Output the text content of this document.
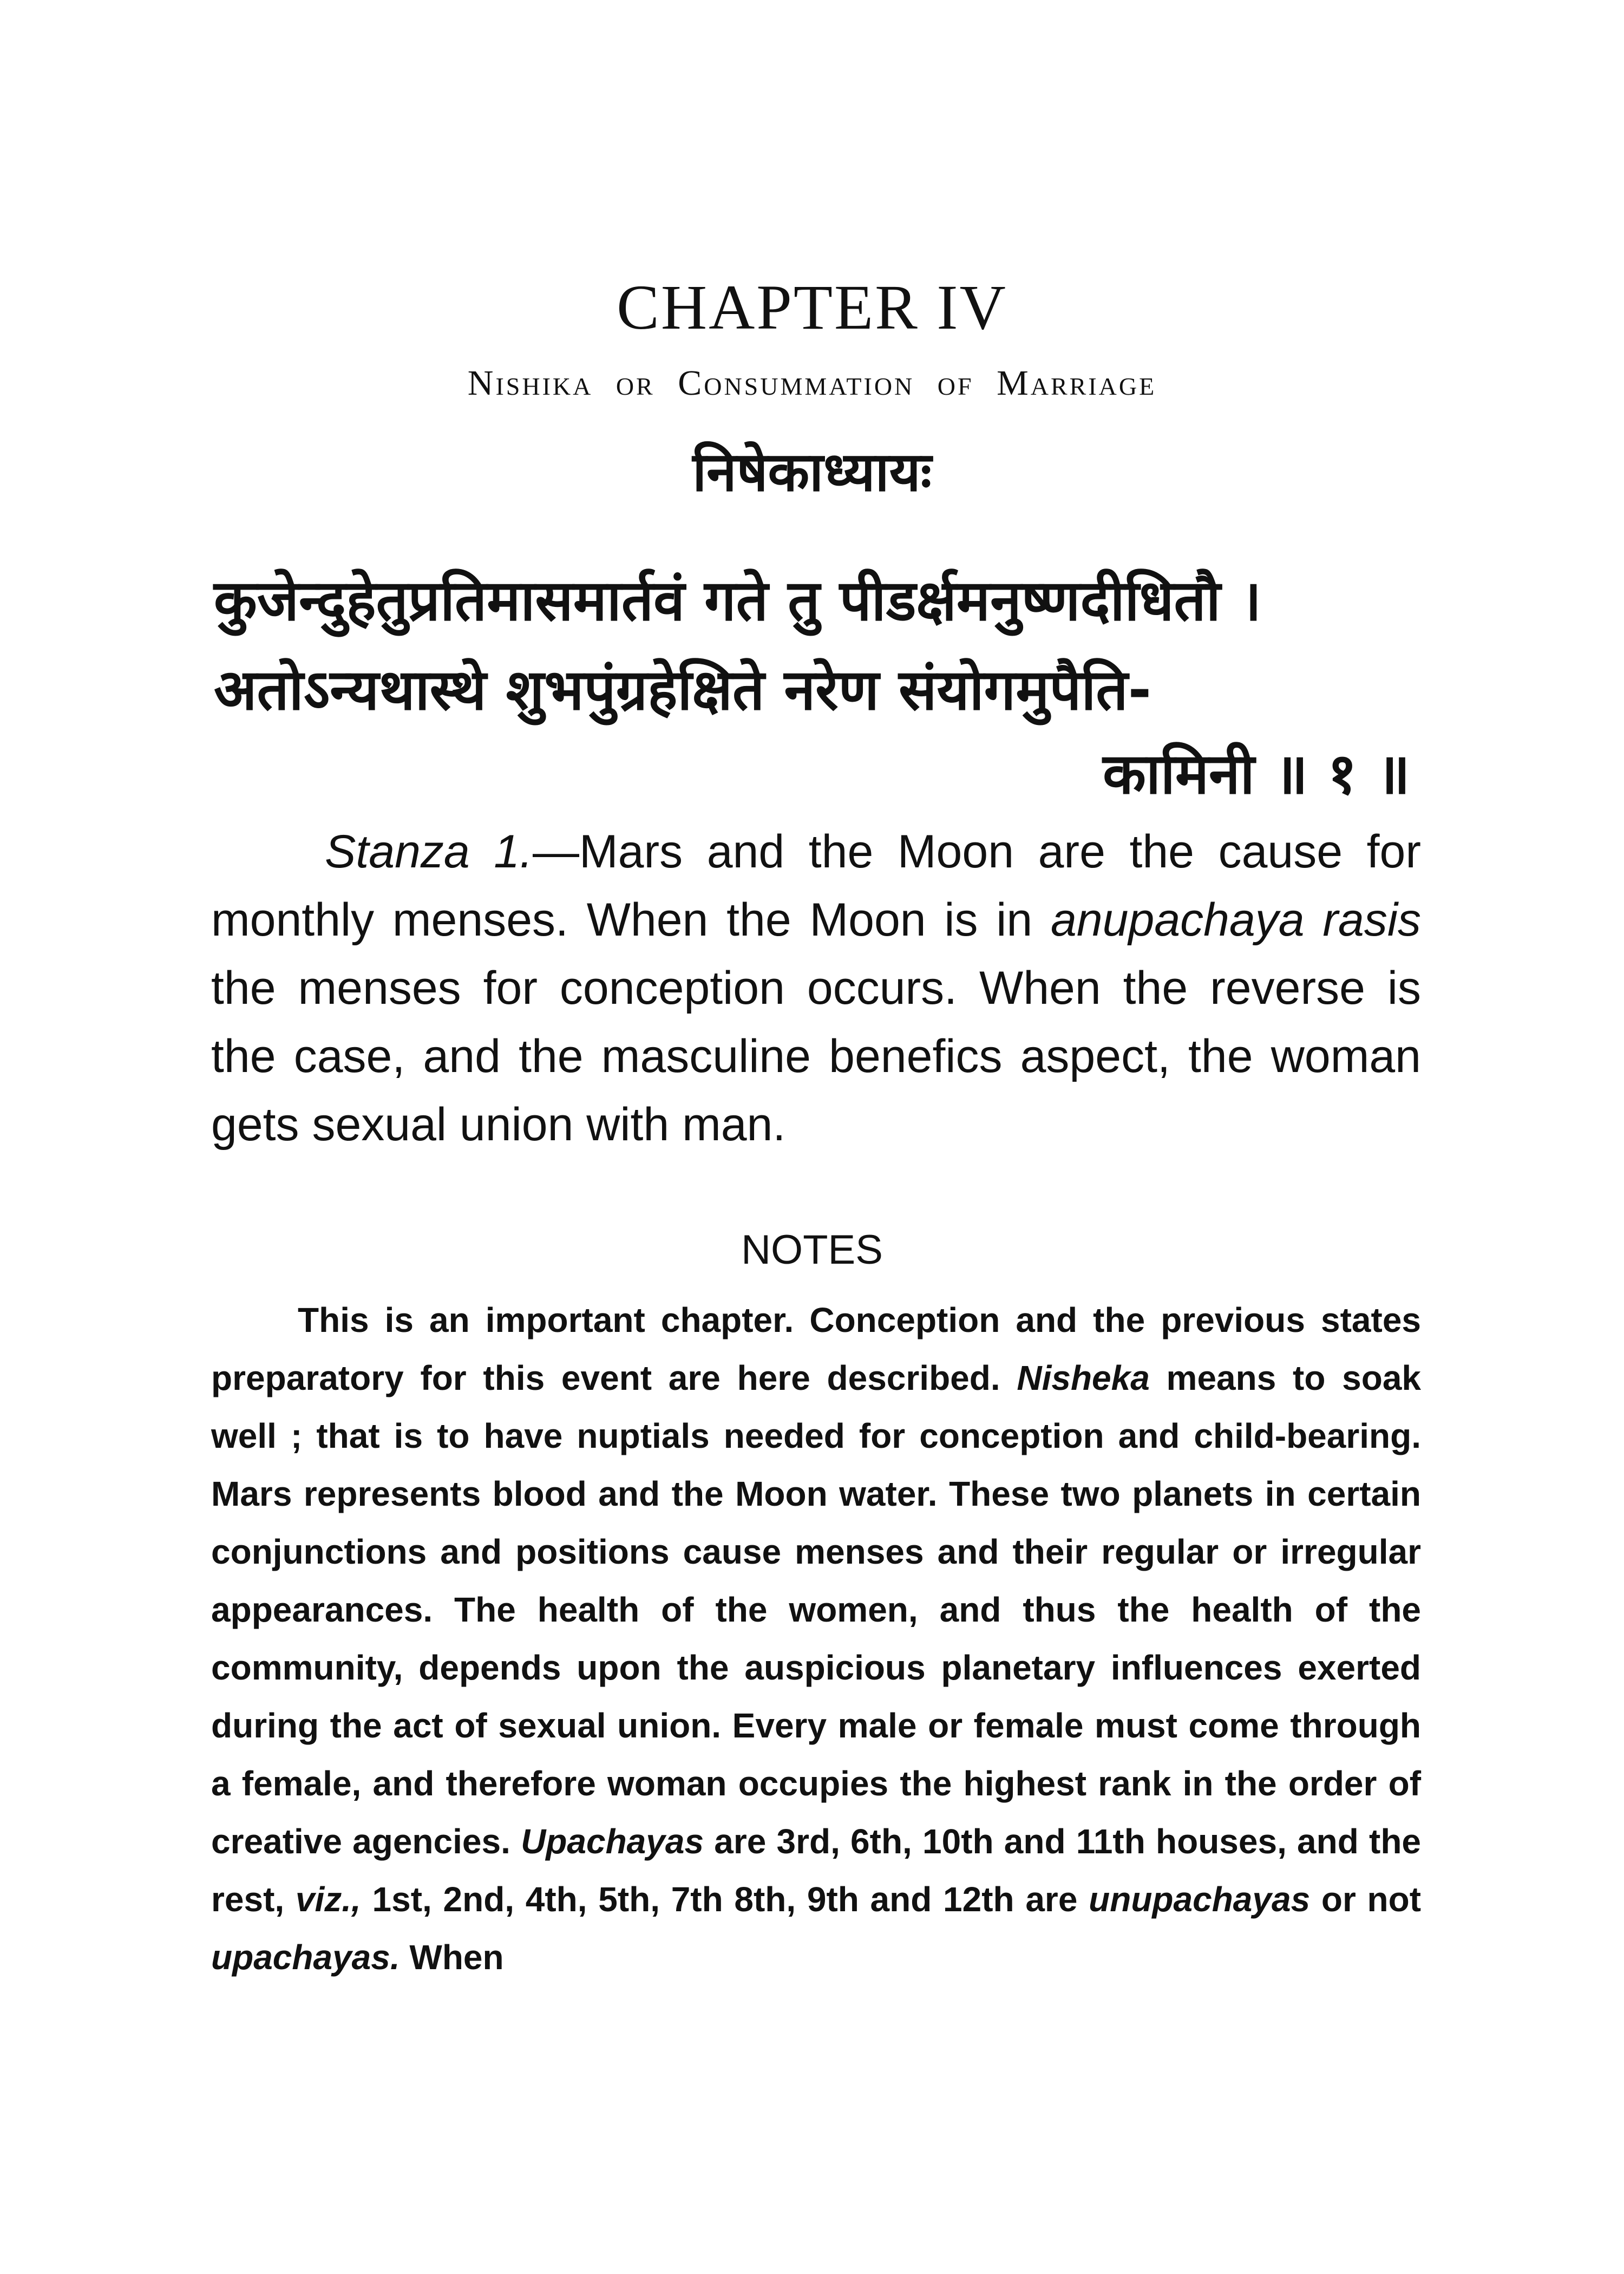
CHAPTER IV
Nishika or Consummation of Marriage
निषेकाध्यायः
कुजेन्दुहेतुप्रतिमासमार्तवं गते तु पीडर्क्षमनुष्णदीधितौ ।
अतोऽन्यथास्थे शुभपुंग्रहेक्षिते नरेण संयोगमुपैति-
कामिनी ॥ १ ॥
Stanza 1.—Mars and the Moon are the cause for monthly menses. When the Moon is in anupachaya rasis the menses for conception occurs. When the reverse is the case, and the masculine benefics aspect, the woman gets sexual union with man.
NOTES
This is an important chapter. Conception and the previous states preparatory for this event are here described. Nisheka means to soak well ; that is to have nuptials needed for conception and child-bearing. Mars represents blood and the Moon water. These two planets in certain conjunctions and positions cause menses and their regular or irregular appearances. The health of the women, and thus the health of the community, depends upon the auspicious planetary influences exerted during the act of sexual union. Every male or female must come through a female, and therefore woman occupies the highest rank in the order of creative agencies. Upachayas are 3rd, 6th, 10th and 11th houses, and the rest, viz., 1st, 2nd, 4th, 5th, 7th 8th, 9th and 12th are unupachayas or not upachayas. When
